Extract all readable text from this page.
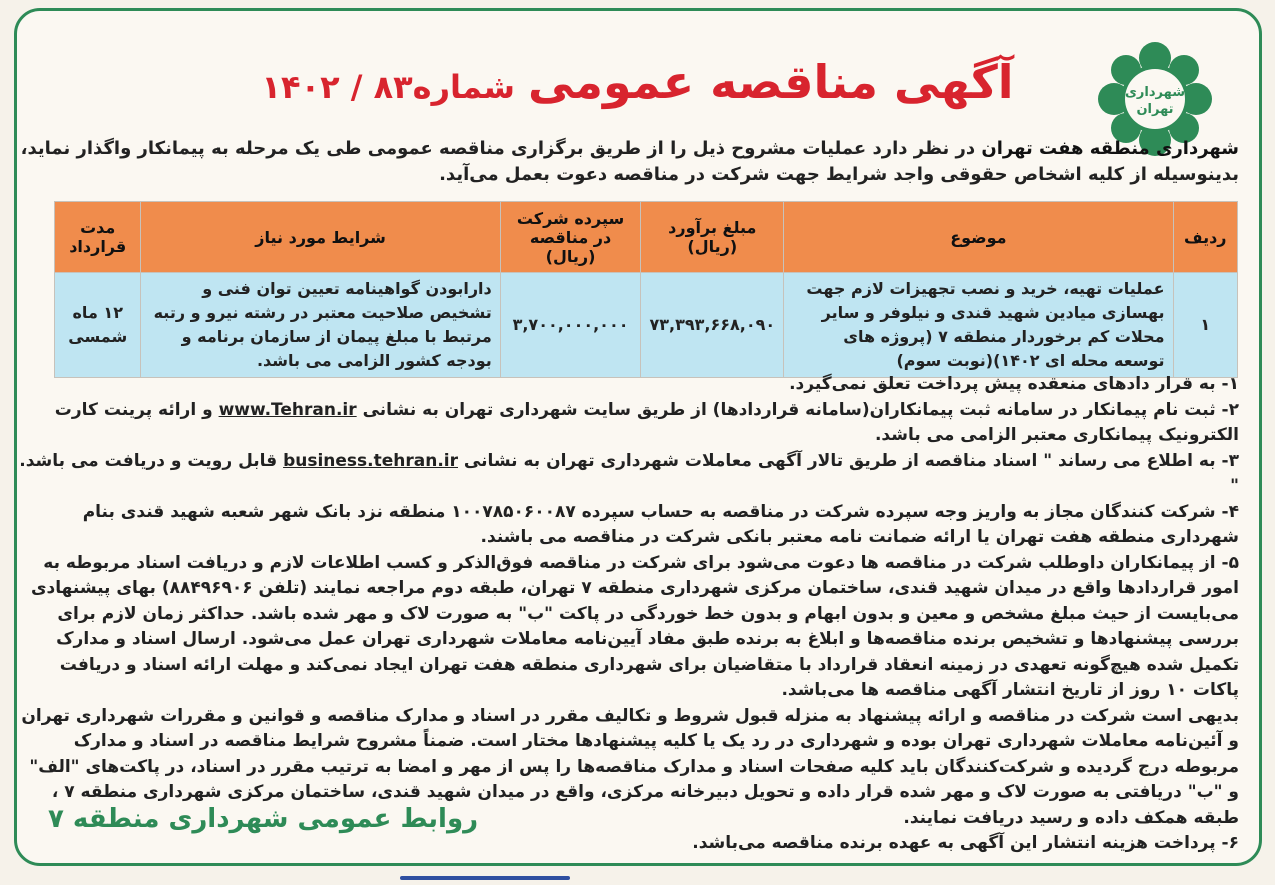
شهرداری
تهران
آگهی مناقصه عمومی شماره۸۳ / ۱۴۰۲
شهرداری منطقه هفت تهران در نظر دارد عملیات مشروح ذیل را از طریق برگزاری مناقصه عمومی طی یک مرحله به پیمانکار واگذار نماید، بدینوسیله از کلیه اشخاص حقوقی واجد شرایط جهت شرکت در مناقصه دعوت بعمل می‌آید.
ردیف	موضوع	مبلغ برآورد (ریال)	سپرده شرکت در مناقصه (ریال)	شرایط مورد نیاز	مدت قرارداد
۱	عملیات تهیه، خرید و نصب تجهیزات لازم جهت بهسازی میادین شهید قندی و نیلوفر و سایر محلات کم برخوردار منطقه ۷ (پروژه های توسعه محله ای ۱۴۰۲)(نوبت سوم)	۷۳,۳۹۳,۶۶۸,۰۹۰	۳,۷۰۰,۰۰۰,۰۰۰	دارابودن گواهینامه تعیین توان فنی و تشخیص صلاحیت معتبر در رشته نیرو و رتبه مرتبط با مبلغ پیمان از سازمان برنامه و بودجه کشور الزامی می باشد.	۱۲ ماه شمسی

۱- به قرار دادهای منعقده پیش پرداخت تعلق نمی‌گیرد.

۲- ثبت نام پیمانکار در سامانه ثبت پیمانکاران(سامانه قراردادها) از طریق سایت شهرداری تهران به نشانی www.Tehran.ir و ارائه پرینت کارت الکترونیک پیمانکاری معتبر الزامی می باشد.

۳- به اطلاع می رساند " اسناد مناقصه از طریق تالار آگهی معاملات شهرداری تهران به نشانی business.tehran.ir قابل رویت و دریافت می باشد. "

۴- شرکت کنندگان مجاز به واریز وجه سپرده شرکت در مناقصه به حساب سپرده ۱۰۰۷۸۵۰۶۰۰۸۷ منطقه نزد بانک شهر شعبه شهید قندی بنام شهرداری منطقه هفت تهران یا ارائه ضمانت نامه معتبر بانکی شرکت در مناقصه می باشند.

۵- از پیمانکاران داوطلب شرکت در مناقصه ها دعوت می‌شود برای شرکت در مناقصه فوق‌الذکر و کسب اطلاعات لازم و دریافت اسناد مربوطه به امور قراردادها واقع در میدان شهید قندی، ساختمان مرکزی شهرداری منطقه ۷ تهران، طبقه دوم مراجعه نمایند (تلفن ۸۸۴۹۶۹۰۶) بهای پیشنهادی می‌بایست از حیث مبلغ مشخص و معین و بدون ابهام و بدون خط خوردگی در پاکت "ب" به صورت لاک و مهر شده باشد. حداکثر زمان لازم برای بررسی پیشنهادها و تشخیص برنده مناقصه‌ها و ابلاغ به برنده طبق مفاد آیین‌نامه معاملات شهرداری تهران عمل می‌شود. ارسال اسناد و مدارک تکمیل شده هیچ‌گونه تعهدی در زمینه انعقاد قرارداد با متقاضیان برای شهرداری منطقه هفت تهران ایجاد نمی‌کند و مهلت ارائه اسناد و دریافت پاکات ۱۰ روز از تاریخ انتشار آگهی مناقصه ها می‌باشد.

بدیهی است شرکت در مناقصه و ارائه پیشنهاد به منزله قبول شروط و تکالیف مقرر در اسناد و مدارک مناقصه و قوانین و مقررات شهرداری تهران و آئین‌نامه معاملات شهرداری تهران بوده و شهرداری در رد یک یا کلیه پیشنهادها مختار است. ضمناً مشروح شرایط مناقصه در اسناد و مدارک مربوطه درج گردیده و شرکت‌کنندگان باید کلیه صفحات اسناد و مدارک مناقصه‌ها را پس از مهر و امضا به ترتیب مقرر در اسناد، در پاکت‌های "الف" و "ب" دریافتی به صورت لاک و مهر شده قرار داده و تحویل دبیرخانه مرکزی، واقع در میدان شهید قندی، ساختمان مرکزی شهرداری منطقه ۷ ، طبقه همکف داده و رسید دریافت نمایند.

۶- پرداخت هزینه انتشار این آگهی به عهده برنده مناقصه می‌باشد.

روابط عمومی شهرداری منطقه ۷
